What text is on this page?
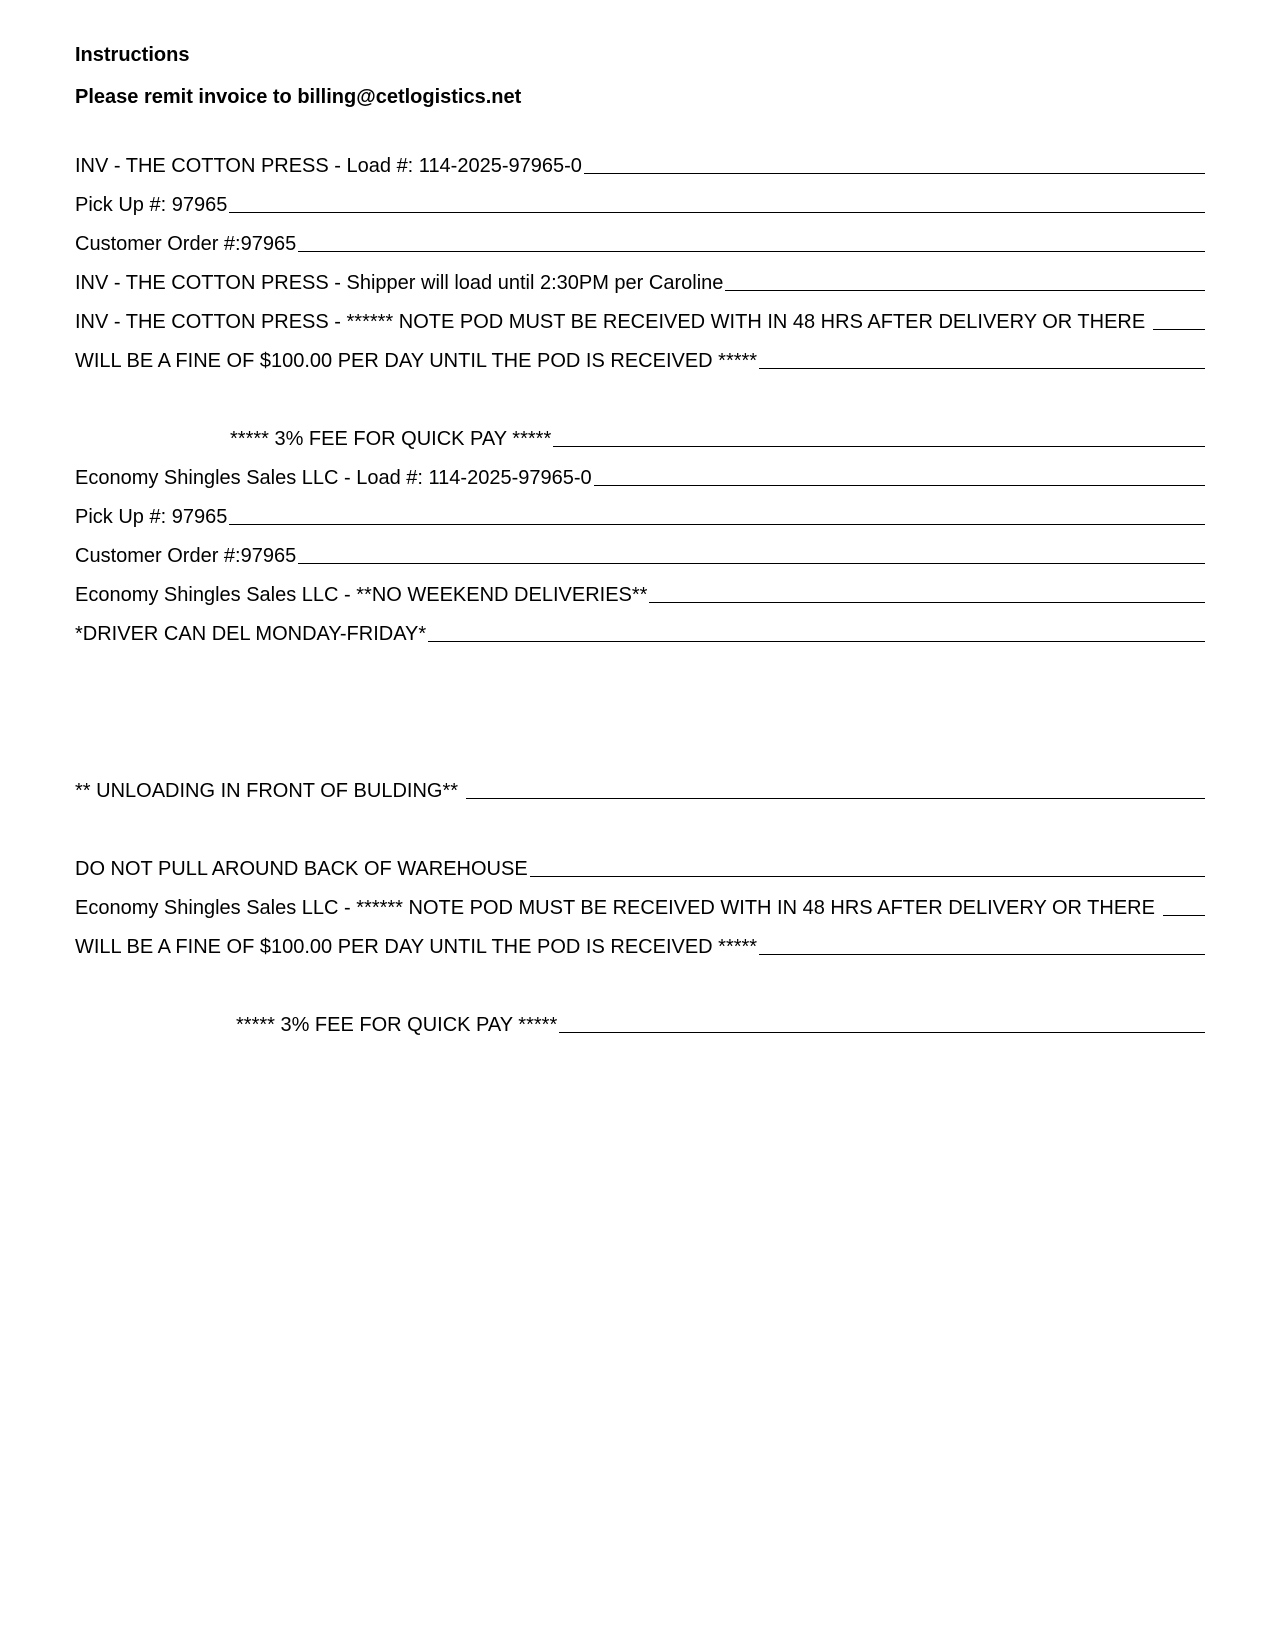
Instructions
Please remit invoice to billing@cetlogistics.net
INV - THE COTTON PRESS - Load #: 114-2025-97965-0
Pick Up #: 97965
Customer Order #:97965
INV - THE COTTON PRESS - Shipper will load until 2:30PM per Caroline
INV - THE COTTON PRESS - ****** NOTE POD MUST BE RECEIVED WITH IN 48 HRS AFTER DELIVERY OR THERE
WILL BE A FINE OF $100.00 PER DAY UNTIL THE POD IS RECEIVED *****
***** 3% FEE FOR QUICK PAY *****
Economy Shingles Sales LLC - Load #: 114-2025-97965-0
Pick Up #: 97965
Customer Order #:97965
Economy Shingles Sales LLC - **NO WEEKEND DELIVERIES**
*DRIVER CAN DEL MONDAY-FRIDAY*
** UNLOADING IN FRONT OF BULDING**
DO NOT PULL AROUND BACK OF WAREHOUSE
Economy Shingles Sales LLC - ****** NOTE POD MUST BE RECEIVED WITH IN 48 HRS AFTER DELIVERY OR THERE
WILL BE A FINE OF $100.00 PER DAY UNTIL THE POD IS RECEIVED *****
***** 3% FEE FOR QUICK PAY *****
